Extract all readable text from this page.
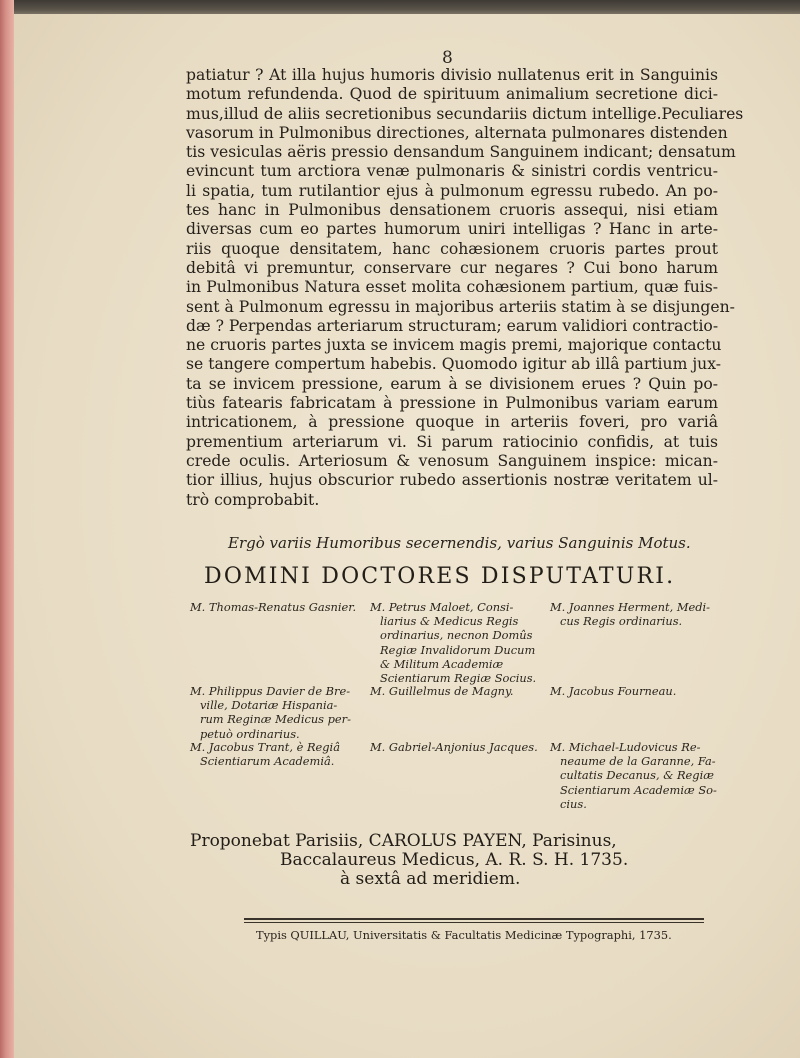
8
patiatur ? At illa hujus humoris divisio nullatenus erit in Sanguinis
motum refundenda. Quod de spirituum animalium secretione dici-
mus,illud de aliis secretionibus secundariis dictum intellige.Peculiares
vasorum in Pulmonibus directiones, alternata pulmonares distenden
tis vesiculas aëris pressio densandum Sanguinem indicant; densatum
evincunt tum arctiora venæ pulmonaris & sinistri cordis ventricu-
li spatia, tum rutilantior ejus à pulmonum egressu rubedo. An po-
tes hanc in Pulmonibus densationem cruoris assequi, nisi etiam
diversas cum eo partes humorum uniri intelligas ? Hanc in arte-
riis quoque densitatem, hanc cohæsionem cruoris partes prout
debitâ vi premuntur, conservare cur negares ? Cui bono harum
in Pulmonibus Natura esset molita cohæsionem partium, quæ fuis-
sent à Pulmonum egressu in majoribus arteriis statim à se disjungen-
dæ ? Perpendas arteriarum structuram; earum validiori contractio-
ne cruoris partes juxta se invicem magis premi, majorique contactu
se tangere compertum habebis. Quomodo igitur ab illâ partium jux-
ta se invicem pressione, earum à se divisionem erues ? Quin po-
tiùs fatearis fabricatam à pressione in Pulmonibus variam earum
intricationem, à pressione quoque in arteriis foveri, pro variâ
prementium arteriarum vi. Si parum ratiocinio confidis, at tuis
crede oculis. Arteriosum & venosum Sanguinem inspice: mican-
tior illius, hujus obscurior rubedo assertionis nostræ veritatem ul-
trò comprobabit.
Ergò variis Humoribus secernendis, varius Sanguinis Motus.
DOMINI DOCTORES DISPUTATURI.
M. Thomas-Renatus Gasnier.	M. Petrus Maloet, Consi-
liarius & Medicus Regis
ordinarius, necnon Domûs
Regiæ Invalidorum Ducum
& Militum Academiæ
Scientiarum Regiæ Socius.
M. Joannes Herment, Medi-
cus Regis ordinarius.
M. Philippus Davier de Bre-
ville, Dotariæ Hispania-
rum Reginæ Medicus per-
petuò ordinarius.
M. Guillelmus de Magny.	M. Jacobus Fourneau.
M. Jacobus Trant, è Regiâ
Scientiarum Academiâ.
M. Gabriel-Anjonius Jacques. M. Michael-Ludovicus Re-
neaume de la Garanne, Fa-
cultatis Decanus, & Regiæ
Scientiarum Academiæ So-
cius.
Proponebat Parisiis, CAROLUS PAYEN, Parisinus,
Baccalaureus Medicus, A. R. S. H. 1735.
à sextâ ad meridiem.
Typis QUILLAU, Universitatis & Facultatis Medicinæ Typographi, 1735.
